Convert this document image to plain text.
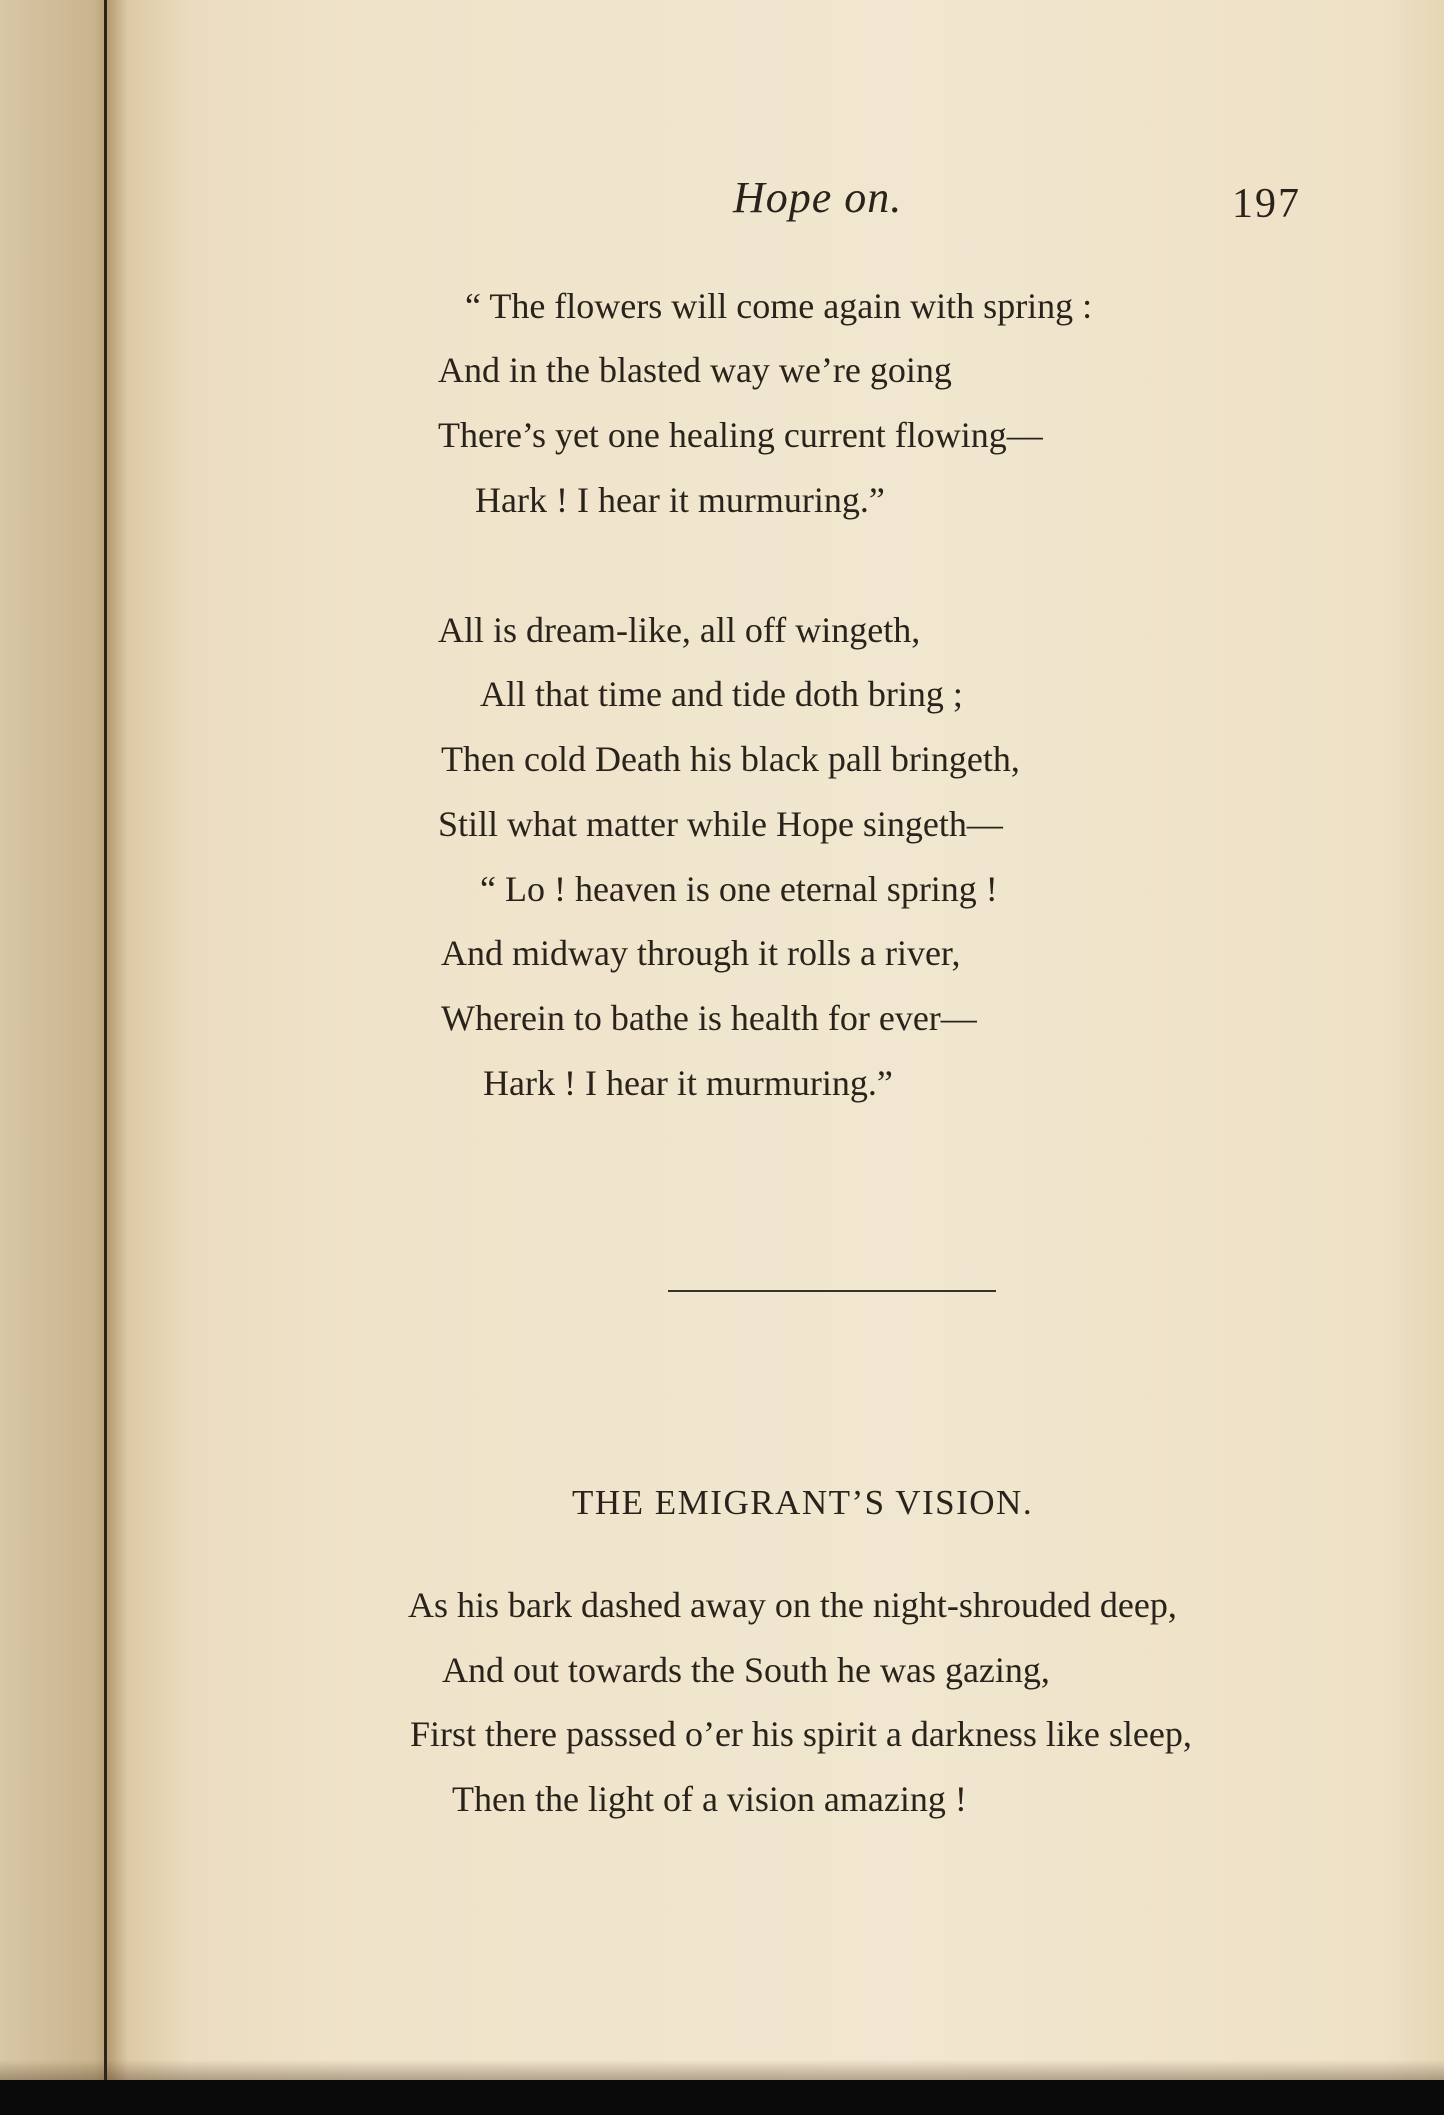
Hope on.	197
“ The flowers will come again with spring :
And in the blasted way we’re going
There’s yet one healing current flowing—
Hark ! I hear it murmuring.”
All is dream-like, all off wingeth,
All that time and tide doth bring ;
Then cold Death his black pall bringeth,
Still what matter while Hope singeth—
“ Lo ! heaven is one eternal spring !
And midway through it rolls a river,
Wherein to bathe is health for ever—
Hark ! I hear it murmuring.”
THE EMIGRANT’S VISION.
As his bark dashed away on the night-shrouded deep,
And out towards the South he was gazing,
First there passsed o’er his spirit a darkness like sleep,
Then the light of a vision amazing !
